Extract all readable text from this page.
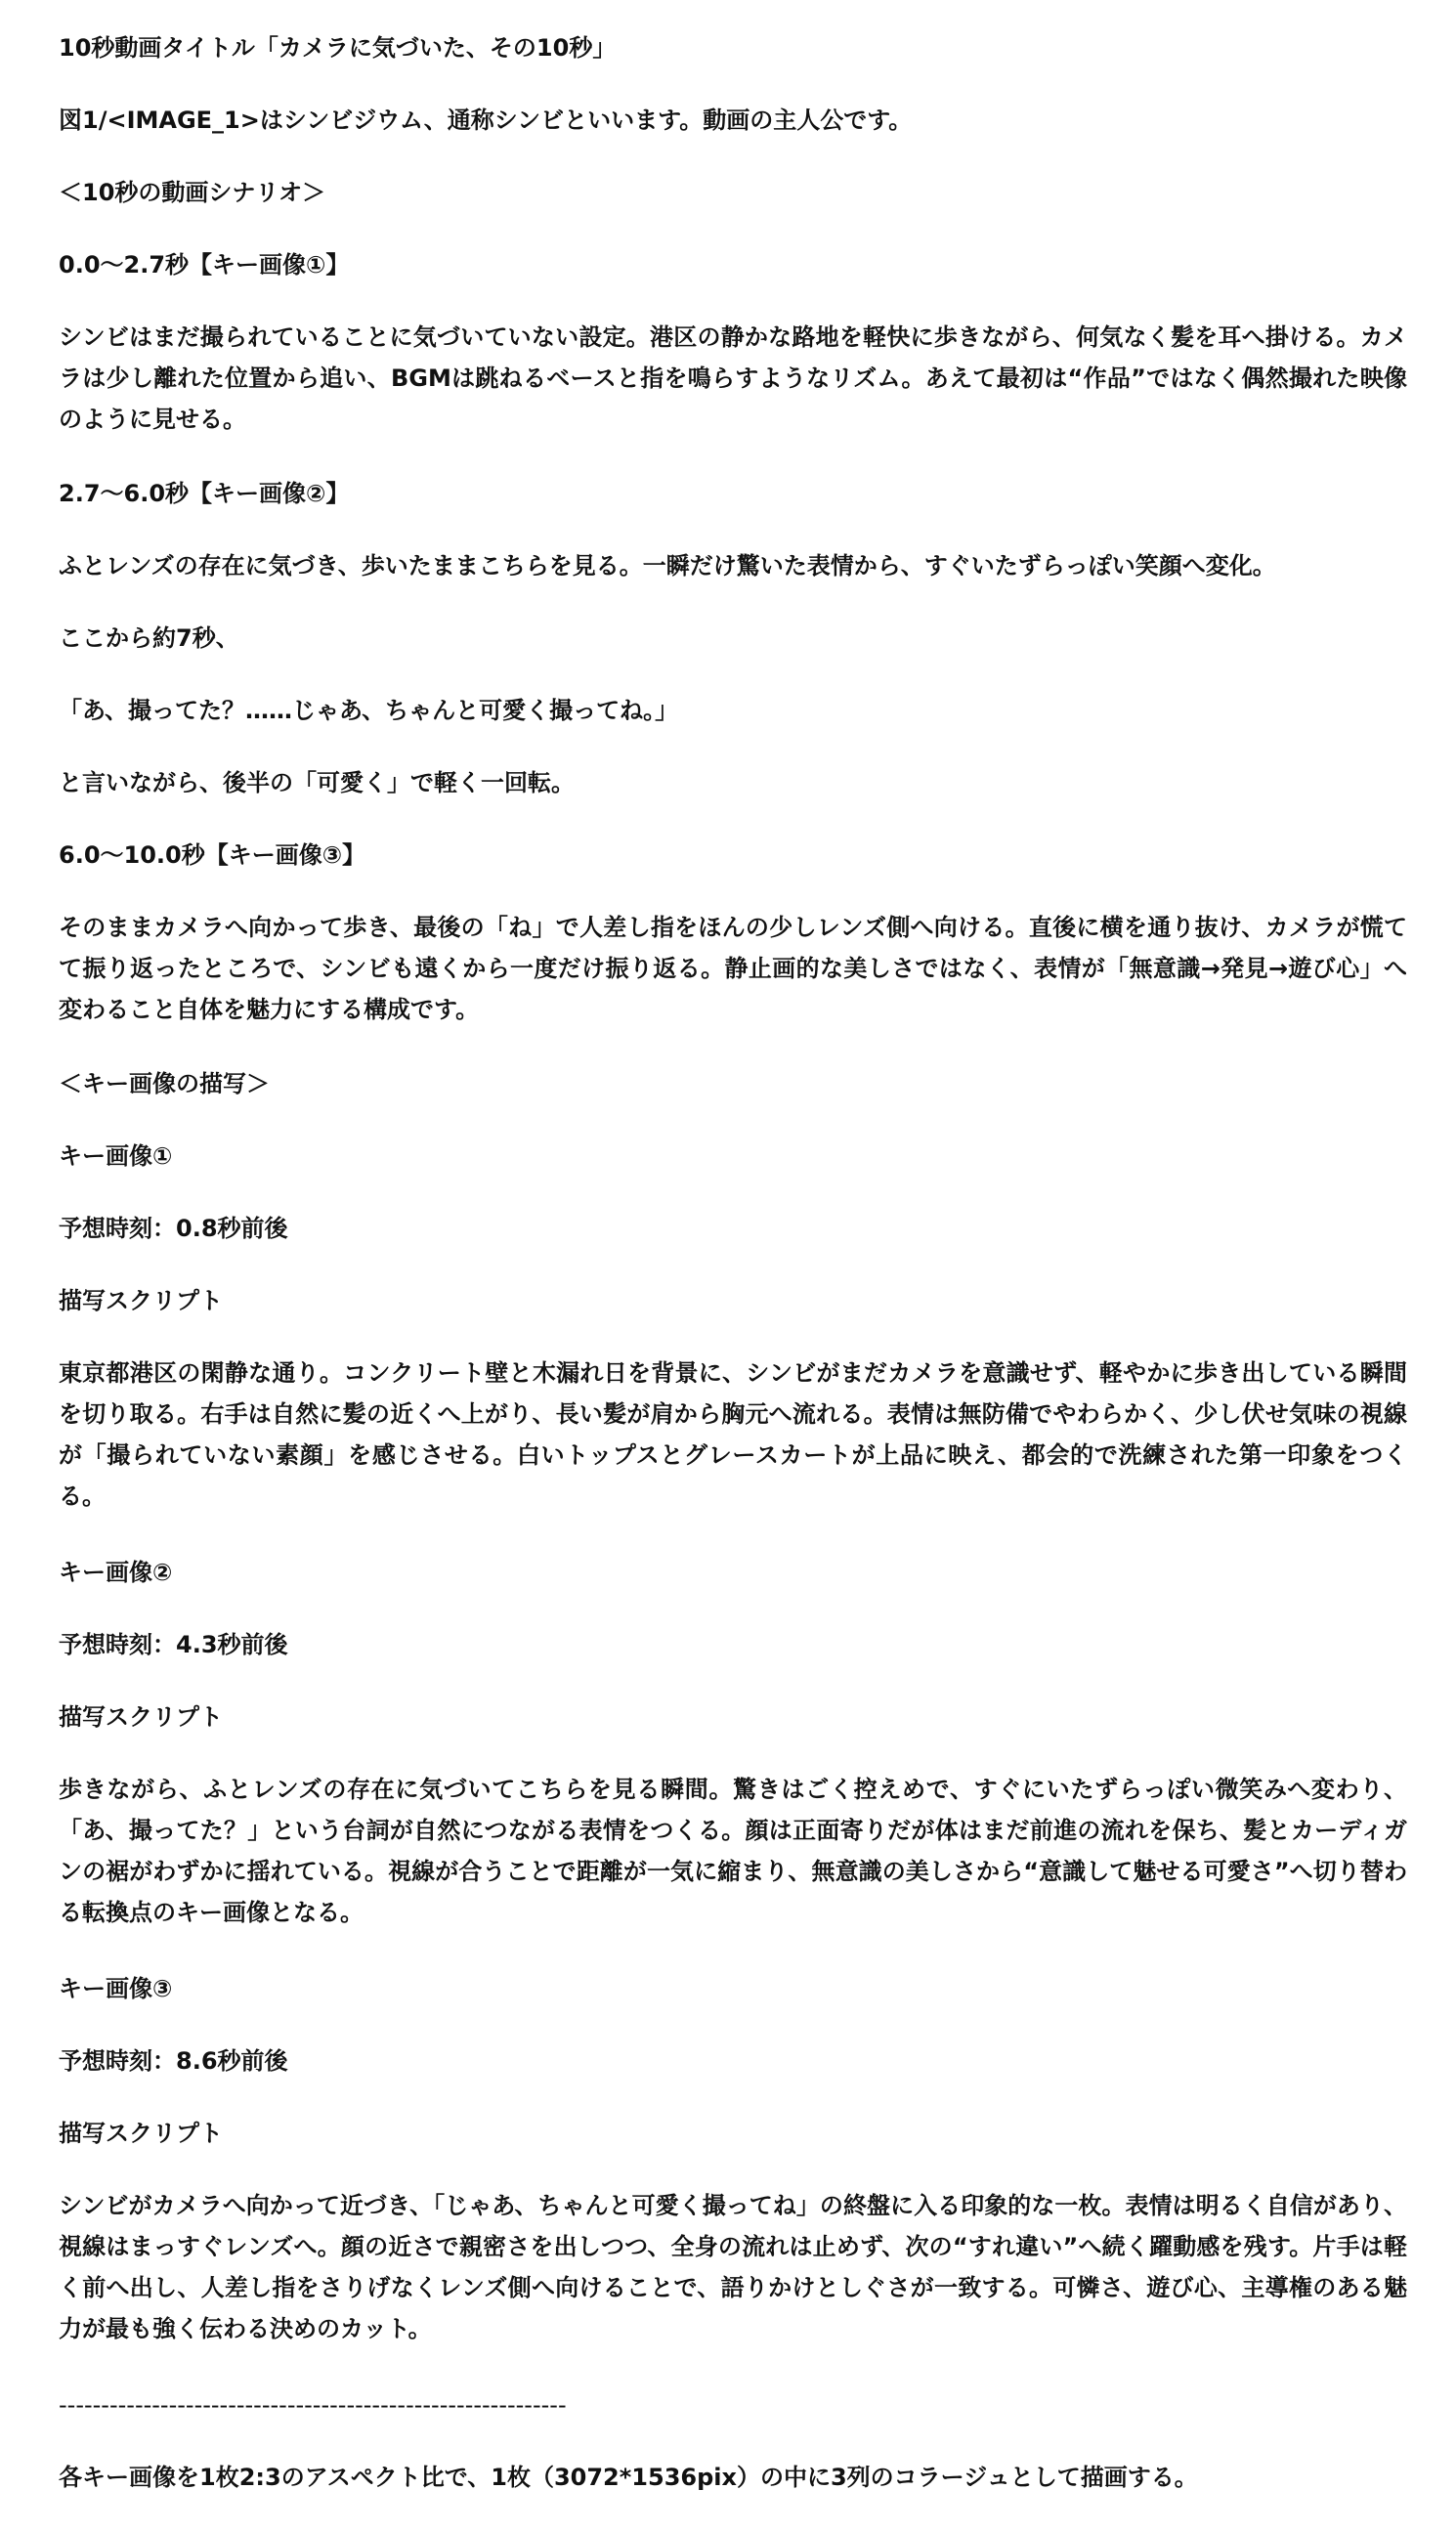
10秒動画タイトル「カメラに気づいた、その10秒」
図1/<IMAGE_1>はシンビジウム、通称シンビといいます。動画の主人公です。
＜10秒の動画シナリオ＞
0.0〜2.7秒【キー画像①】
シンビはまだ撮られていることに気づいていない設定。港区の静かな路地を軽快に歩きながら、何気なく髪を耳へ掛ける。カメラは少し離れた位置から追い、BGMは跳ねるベースと指を鳴らすようなリズム。あえて最初は“作品”ではなく偶然撮れた映像のように見せる。
2.7〜6.0秒【キー画像②】
ふとレンズの存在に気づき、歩いたままこちらを見る。一瞬だけ驚いた表情から、すぐいたずらっぽい笑顔へ変化。
ここから約7秒、
「あ、撮ってた？……じゃあ、ちゃんと可愛く撮ってね。」
と言いながら、後半の「可愛く」で軽く一回転。
6.0〜10.0秒【キー画像③】
そのままカメラへ向かって歩き、最後の「ね」で人差し指をほんの少しレンズ側へ向ける。直後に横を通り抜け、カメラが慌てて振り返ったところで、シンビも遠くから一度だけ振り返る。静止画的な美しさではなく、表情が「無意識→発見→遊び心」へ変わること自体を魅力にする構成です。
＜キー画像の描写＞
キー画像①
予想時刻：0.8秒前後
描写スクリプト
東京都港区の閑静な通り。コンクリート壁と木漏れ日を背景に、シンビがまだカメラを意識せず、軽やかに歩き出している瞬間を切り取る。右手は自然に髪の近くへ上がり、長い髪が肩から胸元へ流れる。表情は無防備でやわらかく、少し伏せ気味の視線が「撮られていない素顔」を感じさせる。白いトップスとグレースカートが上品に映え、都会的で洗練された第一印象をつくる。
キー画像②
予想時刻：4.3秒前後
描写スクリプト
歩きながら、ふとレンズの存在に気づいてこちらを見る瞬間。驚きはごく控えめで、すぐにいたずらっぽい微笑みへ変わり、「あ、撮ってた？」という台詞が自然につながる表情をつくる。顔は正面寄りだが体はまだ前進の流れを保ち、髪とカーディガンの裾がわずかに揺れている。視線が合うことで距離が一気に縮まり、無意識の美しさから“意識して魅せる可愛さ”へ切り替わる転換点のキー画像となる。
キー画像③
予想時刻：8.6秒前後
描写スクリプト
シンビがカメラへ向かって近づき、「じゃあ、ちゃんと可愛く撮ってね」の終盤に入る印象的な一枚。表情は明るく自信があり、視線はまっすぐレンズへ。顔の近さで親密さを出しつつ、全身の流れは止めず、次の“すれ違い”へ続く躍動感を残す。片手は軽く前へ出し、人差し指をさりげなくレンズ側へ向けることで、語りかけとしぐさが一致する。可憐さ、遊び心、主導権のある魅力が最も強く伝わる決めのカット。
------------------------------------------------------------
各キー画像を1枚2:3のアスペクト比で、1枚（3072*1536pix）の中に3列のコラージュとして描画する。
